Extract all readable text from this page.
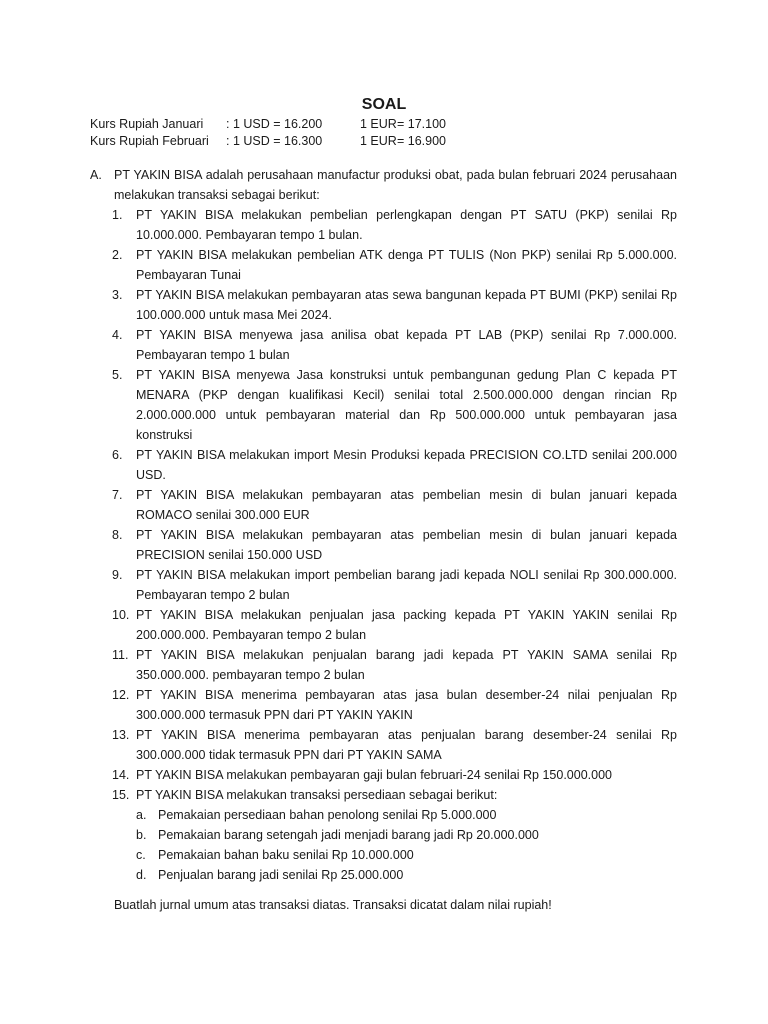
SOAL
Kurs Rupiah Januari : 1 USD = 16.200	1 EUR = 17.100
Kurs Rupiah Februari : 1 USD = 16.300	1 EUR = 16.900
A. PT YAKIN BISA adalah perusahaan manufactur produksi obat, pada bulan februari 2024 perusahaan melakukan transaksi sebagai berikut:
1.	PT YAKIN BISA melakukan pembelian perlengkapan dengan PT SATU (PKP) senilai Rp 10.000.000. Pembayaran tempo 1 bulan.
2.	PT YAKIN BISA melakukan pembelian ATK denga PT TULIS (Non PKP) senilai Rp 5.000.000. Pembayaran Tunai
3.	PT YAKIN BISA melakukan pembayaran atas sewa bangunan kepada PT BUMI (PKP) senilai Rp 100.000.000 untuk masa Mei 2024.
4.	PT YAKIN BISA menyewa jasa anilisa obat kepada PT LAB (PKP) senilai Rp 7.000.000. Pembayaran tempo 1 bulan
5.	PT YAKIN BISA menyewa Jasa konstruksi untuk pembangunan gedung Plan C kepada PT MENARA (PKP dengan kualifikasi Kecil) senilai total 2.500.000.000 dengan rincian Rp 2.000.000.000 untuk pembayaran material dan Rp 500.000.000 untuk pembayaran jasa konstruksi
6.	PT YAKIN BISA melakukan import Mesin Produksi kepada PRECISION CO.LTD senilai 200.000 USD.
7.	PT YAKIN BISA melakukan pembayaran atas pembelian mesin di bulan januari kepada ROMACO senilai 300.000 EUR
8.	PT YAKIN BISA melakukan pembayaran atas pembelian mesin di bulan januari kepada PRECISION senilai 150.000 USD
9.	PT YAKIN BISA melakukan import pembelian barang jadi kepada NOLI senilai Rp 300.000.000. Pembayaran tempo 2 bulan
10. PT YAKIN BISA melakukan penjualan jasa packing kepada PT YAKIN YAKIN senilai Rp 200.000.000. Pembayaran tempo 2 bulan
11. PT YAKIN BISA melakukan penjualan barang jadi kepada PT YAKIN SAMA senilai Rp 350.000.000. pembayaran tempo 2 bulan
12. PT YAKIN BISA menerima pembayaran atas jasa bulan desember-24 nilai penjualan Rp 300.000.000 termasuk PPN dari PT YAKIN YAKIN
13. PT YAKIN BISA menerima pembayaran atas penjualan barang desember-24 senilai Rp 300.000.000 tidak termasuk PPN dari PT YAKIN SAMA
14. PT YAKIN BISA melakukan pembayaran gaji bulan februari-24 senilai Rp 150.000.000
15. PT YAKIN BISA melakukan transaksi persediaan sebagai berikut:
a. Pemakaian persediaan bahan penolong senilai Rp 5.000.000
b. Pemakaian barang setengah jadi menjadi barang jadi Rp 20.000.000
c. Pemakaian bahan baku senilai Rp 10.000.000
d. Penjualan barang jadi senilai Rp 25.000.000
Buatlah jurnal umum atas transaksi diatas. Transaksi dicatat dalam nilai rupiah!
